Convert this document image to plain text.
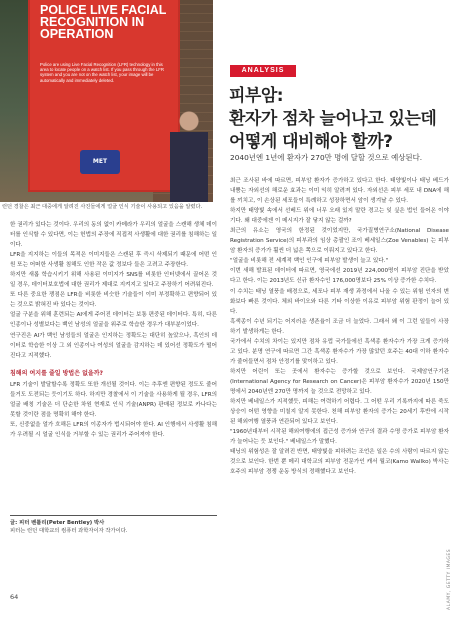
POLICE LIVE FACIAL RECOGNITION IN OPERATION
Police are using Live Facial Recognition (LFR) technology in this area to locate people on a watch list. If you pass through the LFR system and you are not on the watch list, your image will be automatically and immediately deleted.
MET
런던 경찰은 최근 대중에게 알려진 사진들에게 얼굴 인식 기술이 사용되고 있음을 알렸다.
ANALYSIS
피부암:
환자가 점차 늘어나고 있는데
어떻게 대비해야 할까?
2040년엔 1년에 환자가 270만 명에 달할 것으로 예상된다.

한 권리가 있다는 것이다. 우리의 동의 없이 카메라가 우리의 얼굴을 스캔해 생체 데이터를 인식할 수 있다면, 이는 헌법의 주장에 직접적 사생활에 대한 권리를 침해하는 일이다.

LFR을 지지하는 이들의 목적은 이미지들은 스캔된 후 즉시 삭제되기 때문에 어떤 인원 또는 어떠한 사생활 침해도 인한 작은 값 정보다 들은 고려고 주장한다.

하지만 새롭 학습시키기 위해 사용된 이미지가 SNS를 비롯한 인터넷에서 끌어온 것일 경우, 데이터보호법에 대한 권리가 제대로 지켜지고 있다고 주장하기 어려워진다.

또 다른 중요한 쟁점은 LFR을 비롯한 비슷한 기술들이 이미 부정확하고 편향되어 있는 것으로 밝혀진 바 있다는 것이다.

얼굴 구분을 위해 훈련되는 AI에게 주어진 데이터는 보통 편중된 데이터다. 특히, 다른 인종이나 성별보다는 백인 남성의 얼굴을 위주로 학습한 경우가 대부분이었다.

연구진은 AI가 백인 남성들의 얼굴은 인지하는 정확도는 대단히 높았으나, 흑인의 데이터로 학습한 이상 그 외 인종이나 여성의 얼굴을 감지하는 데 있어선 정확도가 떨어진다고 지적했다.

침해의 여지를 줄일 방법은 없을까?

LFR 기술이 발달할수록 정확도 또한 개선될 것이다. 이는 추후엔 편향된 정도도 줄어들거도 도전되는 듯이기도 하다. 하지만 경찰에서 이 기술을 사용하게 될 경우, LFR의 얼굴 배칭 기술은 더 단순한 차원 현재로 인식 기술(ANPR) 판매된 정보로 카나다는 못할 것이란 점을 명확히 해야 한다.

또, 신중없을 얼가 흐해든 LFR의 이종자가 법시되어야 한다. AI 인행에서 사생활 침해가 우려될 시 얼굴 인식을 거부할 수 있는 권리가 주어져야 한다.

글: 피터 벤틀리(Peter Bentley) 박사
피터는 런던 대학교의 컴퓨터 과학자이자 작가이다.

최근 조사된 바에 따르면, 피부암 환자가 증가하고 있다고 한다. 태양빛이나 태닝 베드가 내뿜는 자외선의 해로운 효과는 이미 익히 알려져 있다. 자외선은 피부 세포 내 DNA에 해를 끼치고, 이 손상된 세포들이 특례하고 성장하면서 암이 생겨날 수 있다.

하지만 태양빛 속에서 선베드 위에 너무 오래 있지 말란 경고는 잊 싶은 법인 들어온 이야기다. 왜 대중에겐 이 메시지가 잘 닿지 않는 걸까?

최근의 유소는 영국의 한정된 것이었지만, 국가질병연구소(National Disease Registration Service)의 피부과의 임상 총괄인 조이 베세일스(Zoe Venables) 는 피부암 환자의 증가가 훨씬 더 넓은 쪽으로 이뤄지고 있다고 한다.

"얼굴을 비롯해 전 세계적 백인 인구에 피부암 발생이 늘고 있다."

이번 새해 발표된 데이터에 따르면, 영국에선 2019년 224,000명이 피부암 진단을 받았다고 한다. 이는 2013년도 신규 환자수인 176,000명보다 25% 이상 증가한 수치다.

이 수치는 태닝 열풍을 배경으로, 세포나 피부 재생 과정에서 나올 수 있는 위험 인자의 변화보다 빠른 것이다. 체외 바이오와 다른 기타 이상한 이유로 피부암 위험 판정이 늘어 있다.

흑색종이 수년 되기는 어지러운 생존율이 조금 더 늘었다. 그래서 왜 이 그런 일들이 사장하기 발생하게는 한다.

국가에서 수치의 차이는 있지만 점차 유럽 국가들에선 흑색종 환자수가 가장 크게 증가하고 있다. 분명 연구에 따르면 그간 흑색종 환자수가 가장 많았던 호주는 40대 이하 환자수가 줄어들면서 점차 안정기를 맞이하고 있다.

하지만 어린이 또는 곳에서 환자수는 증가할 것으로 보인다. 국제암연구기관(International Agency for Research on Cancer)은 피부암 환자수가 2020년 150만 명에서 2040년엔 270만 명까지 늘 것으로 전망하고 있다.

하지만 베네일스가 지적했듯, 피해는 여력하기 어렵다. 그 어떤 우리 기록까지에 따른 죽도 상승이 어떤 영향을 미칠지 알지 못한다. 천해 피부암 환자의 증가는 20세기 후반에 시작된 해외여행 열풍과 연관되어 있다고 보인다.

"1960년대부터 시작된 해외여행에의 접근성 증가와 연구의 결과 수명 증가로 피부암 환자가 늘어나는 듯 보인다." 베네일스가 말했다.

태닝의 위험성은 잘 알려진 반면, 태양빛을 피하려는 조언은 일은 수의 사람이 따르지 않는 것으로 보인다. 한번 뿐 메리 대학교의 피부암 전문가인 캐서 월코(Kamo Wallko) 박사는 호주의 피부암 경쟁 운동 방식의 정해했다고 보인다.

64	ALAMY, GETTY IMAGES
